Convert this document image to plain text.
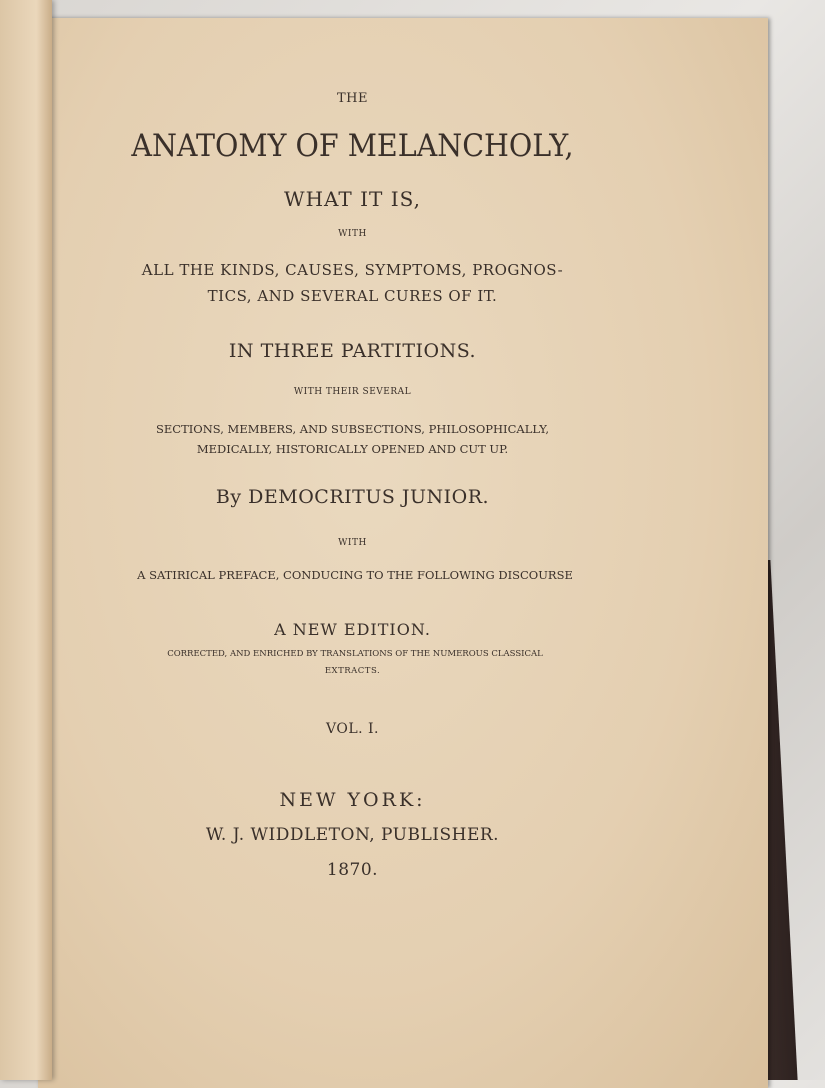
THE
ANATOMY OF MELANCHOLY,
WHAT IT IS,
WITH
ALL THE KINDS, CAUSES, SYMPTOMS, PROGNOS-
TICS, AND SEVERAL CURES OF IT.
IN THREE PARTITIONS.
WITH THEIR SEVERAL
SECTIONS, MEMBERS, AND SUBSECTIONS, PHILOSOPHICALLY,
MEDICALLY, HISTORICALLY OPENED AND CUT UP.
By DEMOCRITUS JUNIOR.
WITH
A SATIRICAL PREFACE, CONDUCING TO THE FOLLOWING DISCOURSE
A NEW EDITION.
CORRECTED, AND ENRICHED BY TRANSLATIONS OF THE NUMEROUS CLASSICAL
EXTRACTS.
VOL. I.
NEW YORK:
W. J. WIDDLETON, PUBLISHER.
1870.
